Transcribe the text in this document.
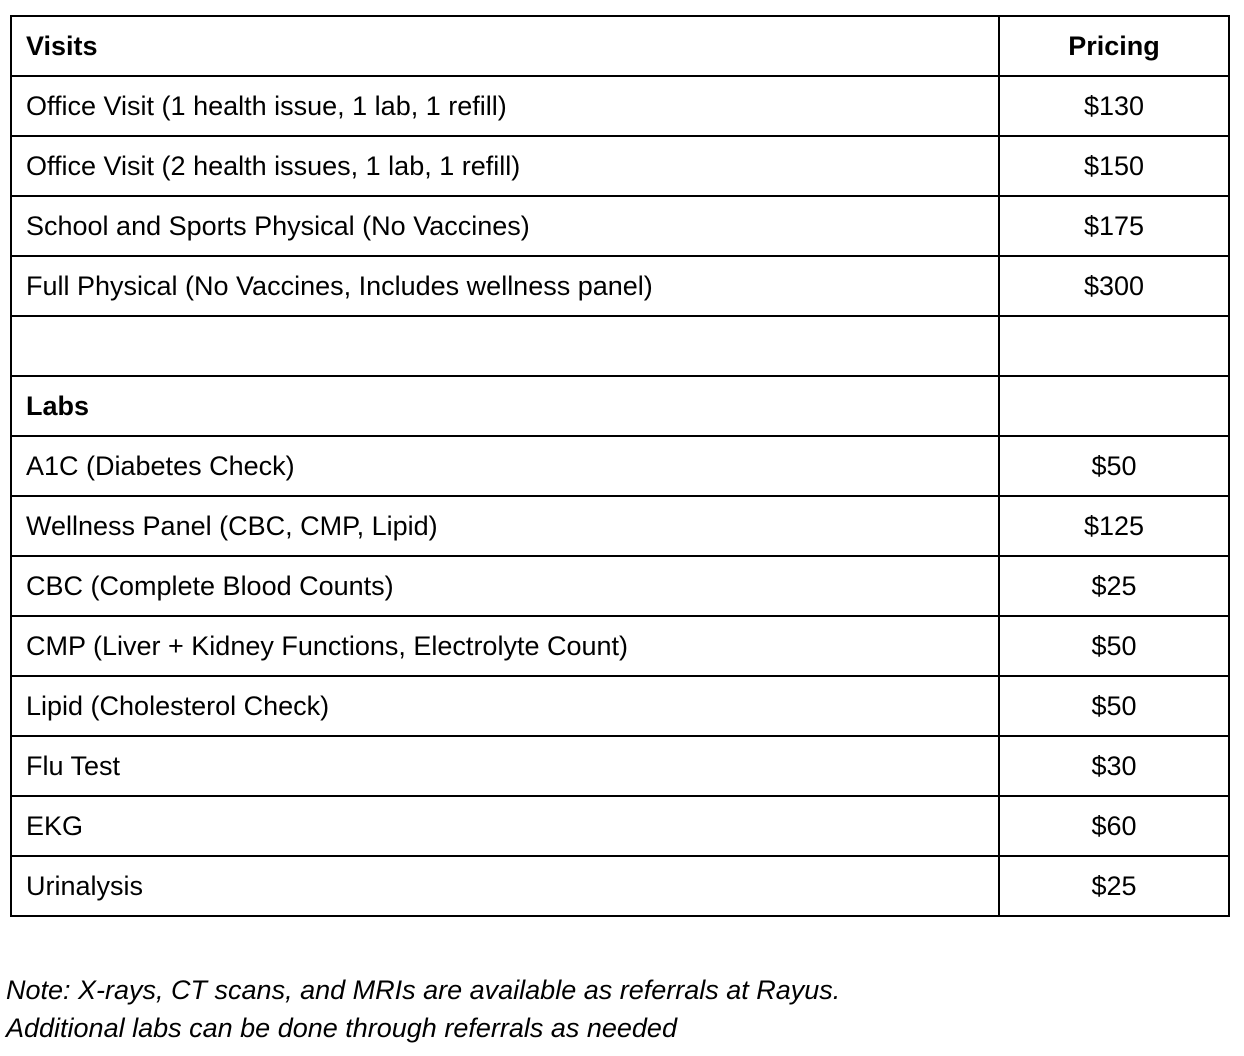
Visits	Pricing
Office Visit (1 health issue, 1 lab, 1 refill)	$130
Office Visit (2 health issues, 1 lab, 1 refill)	$150
School and Sports Physical (No Vaccines)	$175
Full Physical (No Vaccines, Includes wellness panel)	$300

Labs	
A1C (Diabetes Check)	$50
Wellness Panel (CBC, CMP, Lipid)	$125
CBC (Complete Blood Counts)	$25
CMP (Liver + Kidney Functions, Electrolyte Count)	$50
Lipid (Cholesterol Check)	$50
Flu Test	$30
EKG	$60
Urinalysis	$25
Note: X-rays, CT scans, and MRIs are available as referrals at Rayus.
Additional labs can be done through referrals as needed
